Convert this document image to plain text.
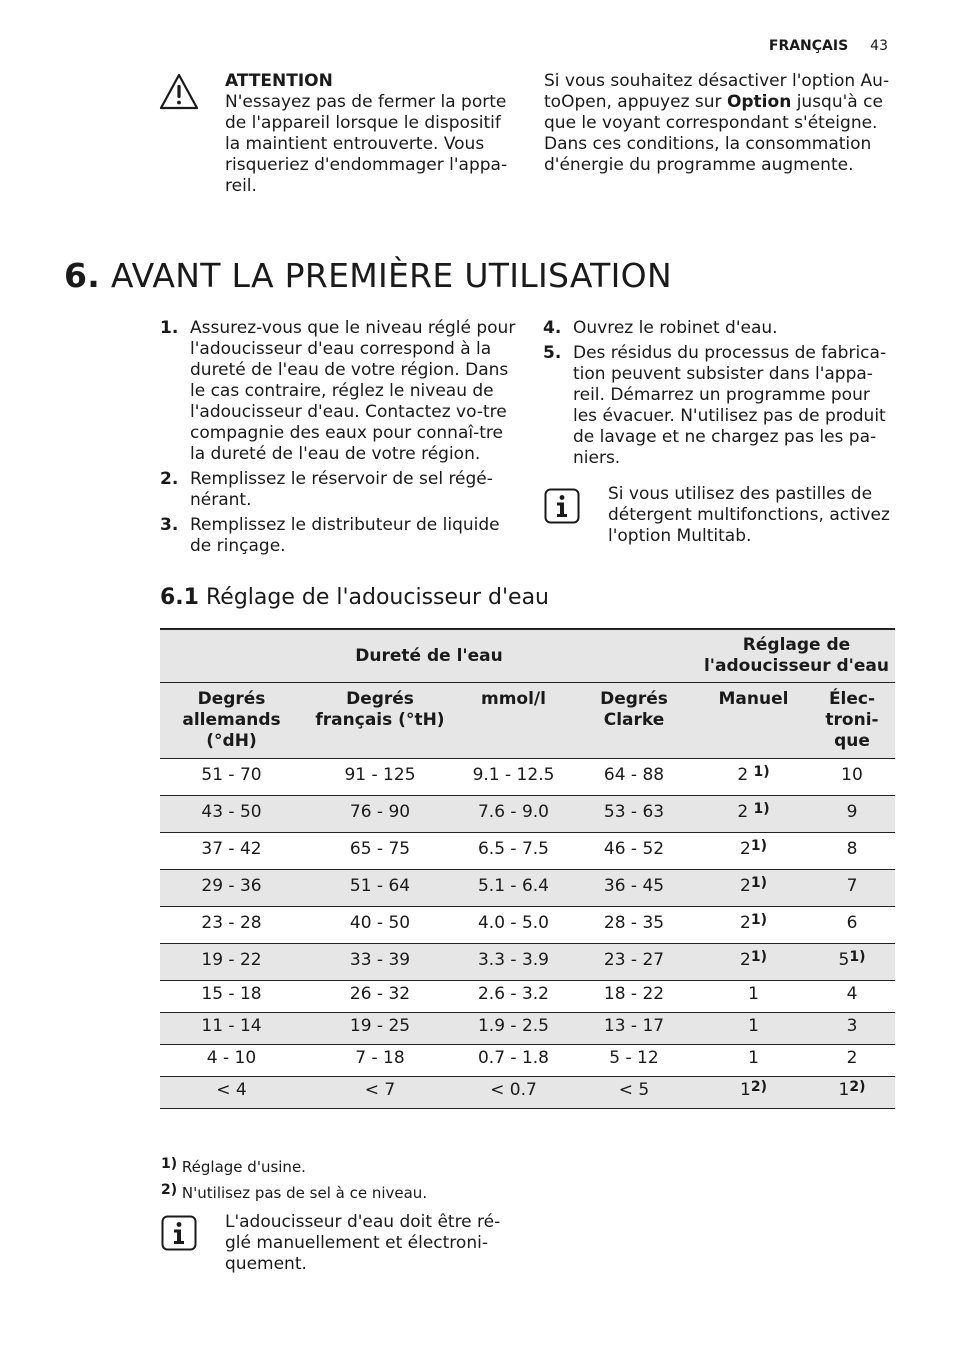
FRANÇAIS 43
ATTENTION
N'essayez pas de fermer la porte de l'appareil lorsque le dispositif la maintient entrouverte. Vous risqueriez d'endommager l'appa-reil.
Si vous souhaitez désactiver l'option Au-toOpen, appuyez sur Option jusqu'à ce que le voyant correspondant s'éteigne. Dans ces conditions, la consommation d'énergie du programme augmente.
6. AVANT LA PREMIÈRE UTILISATION
1. Assurez-vous que le niveau réglé pour l'adoucisseur d'eau correspond à la dureté de l'eau de votre région. Dans le cas contraire, réglez le niveau de l'adoucisseur d'eau. Contactez vo-tre compagnie des eaux pour connaî-tre la dureté de l'eau de votre région.
2. Remplissez le réservoir de sel régé-nérant.
3. Remplissez le distributeur de liquide de rinçage.
4. Ouvrez le robinet d'eau.
5. Des résidus du processus de fabrica-tion peuvent subsister dans l'appa-reil. Démarrez un programme pour les évacuer. N'utilisez pas de produit de lavage et ne chargez pas les pa-niers.
Si vous utilisez des pastilles de détergent multifonctions, activez l'option Multitab.
6.1 Réglage de l'adoucisseur d'eau
Dureté de l'eau				Réglage de l'adoucisseur d'eau	
Degrés allemands (°dH)	Degrés français (°tH)	mmol/l	Degrés Clarke	Manuel	Élec-troni-que
51 - 70	91 - 125	9.1 - 12.5	64 - 88	2 $^{1)}$	10
43 - 50	76 - 90	7.6 - 9.0	53 - 63	2 $^{1)}$	9
37 - 42	65 - 75	6.5 - 7.5	46 - 52	2$^{1)}$	8
29 - 36	51 - 64	5.1 - 6.4	36 - 45	2$^{1)}$	7
23 - 28	40 - 50	4.0 - 5.0	28 - 35	2$^{1)}$	6
19 - 22	33 - 39	3.3 - 3.9	23 - 27	2$^{1)}$	5$^{1)}$
15 - 18	26 - 32	2.6 - 3.2	18 - 22	1	4
11 - 14	19 - 25	1.9 - 2.5	13 - 17	1	3
4 - 10	7 - 18	0.7 - 1.8	5 - 12	1	2
< 4	< 7	< 0.7	< 5	1$^{2)}$	1$^{2)}$
1) Réglage d'usine.
2) N'utilisez pas de sel à ce niveau.
L'adoucisseur d'eau doit être ré-glé manuellement et électroni-quement.
